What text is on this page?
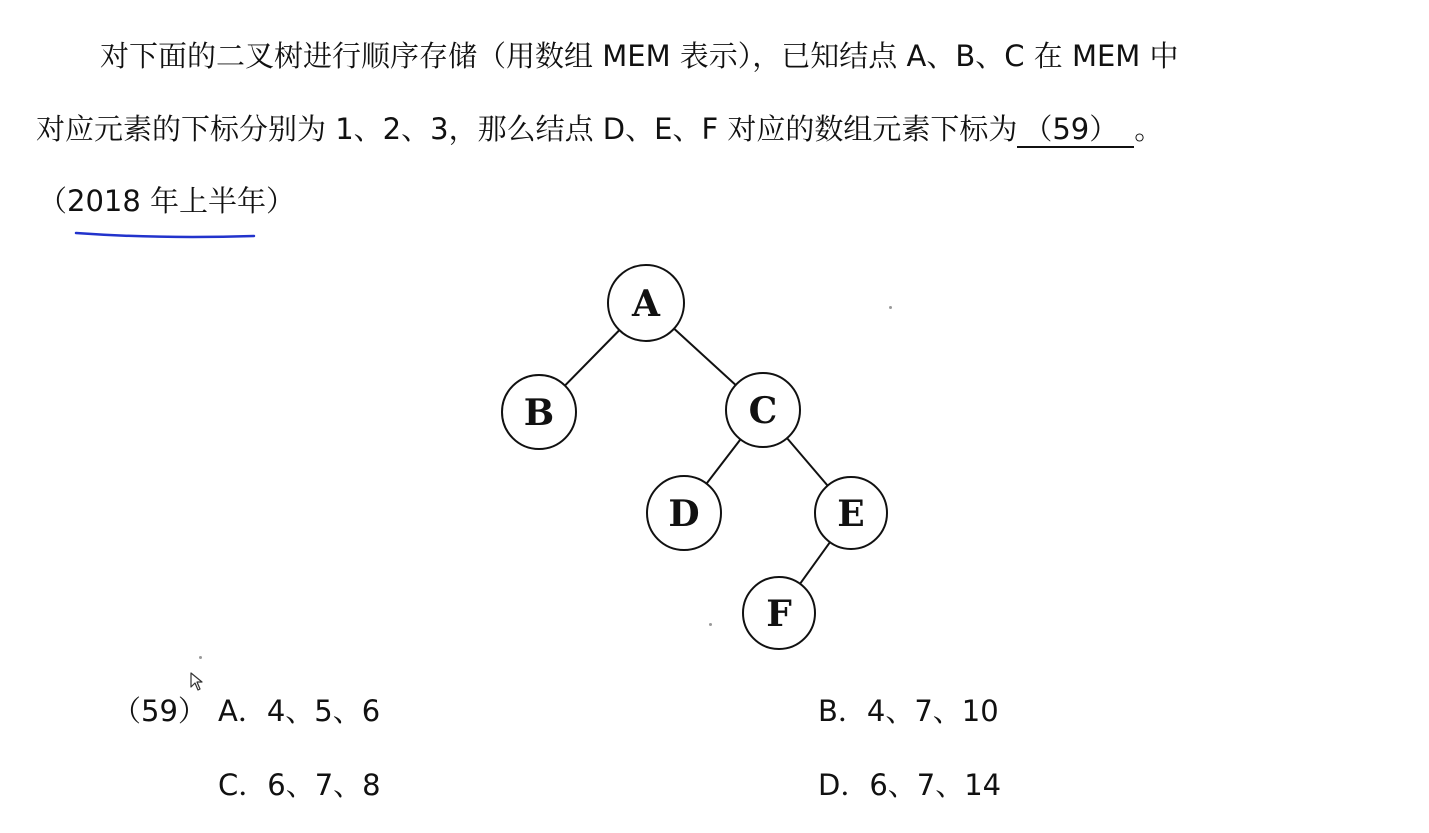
对下面的二叉树进行顺序存储（用数组 MEM 表示），已知结点 A、B、C 在 MEM 中
对应元素的下标分别为 1、2、3，那么结点 D、E、F 对应的数组元素下标为 （59） 。
（2018 年上半年）
A
B	C
D	E
F
（59） A．4、5、6	B．4、7、10
C．6、7、8	D．6、7、14
